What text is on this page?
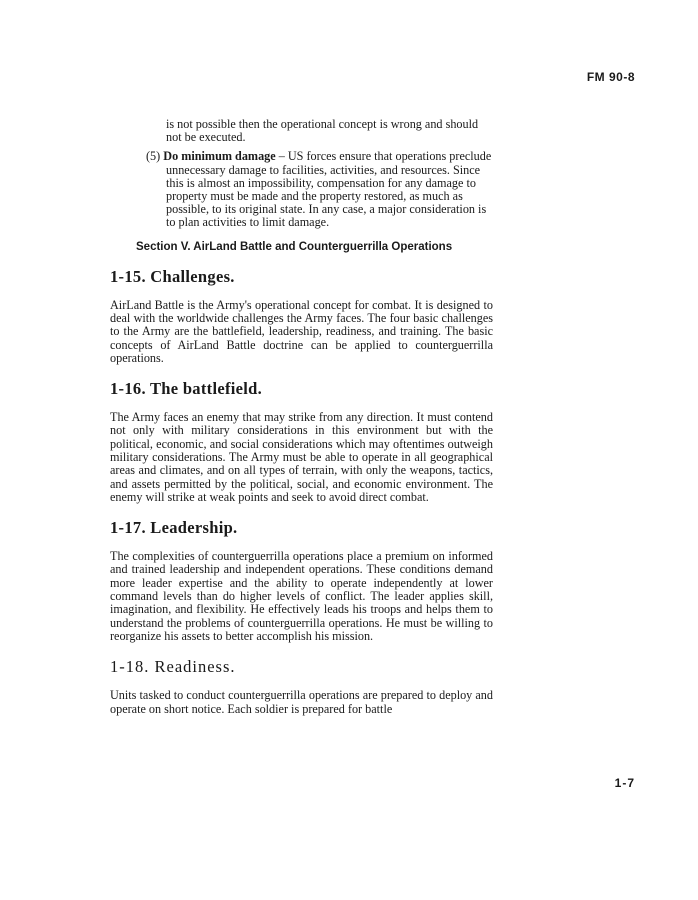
FM 90-8
is not possible then the operational concept is wrong and should not be executed.
(5) Do minimum damage – US forces ensure that operations preclude unnecessary damage to facilities, activities, and resources. Since this is almost an impossibility, compensation for any damage to property must be made and the property restored, as much as possible, to its original state. In any case, a major consideration is to plan activities to limit damage.
Section V. AirLand Battle and Counterguerrilla Operations
1-15. Challenges.

AirLand Battle is the Army's operational concept for combat. It is designed to deal with the worldwide challenges the Army faces. The four basic challenges to the Army are the battlefield, leadership, readiness, and training. The basic concepts of AirLand Battle doctrine can be applied to counterguerrilla operations.

1-16. The battlefield.

The Army faces an enemy that may strike from any direction. It must contend not only with military considerations in this environment but with the political, economic, and social considerations which may oftentimes outweigh military considerations. The Army must be able to operate in all geographical areas and climates, and on all types of terrain, with only the weapons, tactics, and assets permitted by the political, social, and economic environment. The enemy will strike at weak points and seek to avoid direct combat.

1-17. Leadership.

The complexities of counterguerrilla operations place a premium on informed and trained leadership and independent operations. These conditions demand more leader expertise and the ability to operate independently at lower command levels than do higher levels of conflict. The leader applies skill, imagination, and flexibility. He effectively leads his troops and helps them to understand the problems of counterguerrilla operations. He must be willing to reorganize his assets to better accomplish his mission.

1-18. Readiness.

Units tasked to conduct counterguerrilla operations are prepared to deploy and operate on short notice. Each soldier is prepared for battle

1-7
